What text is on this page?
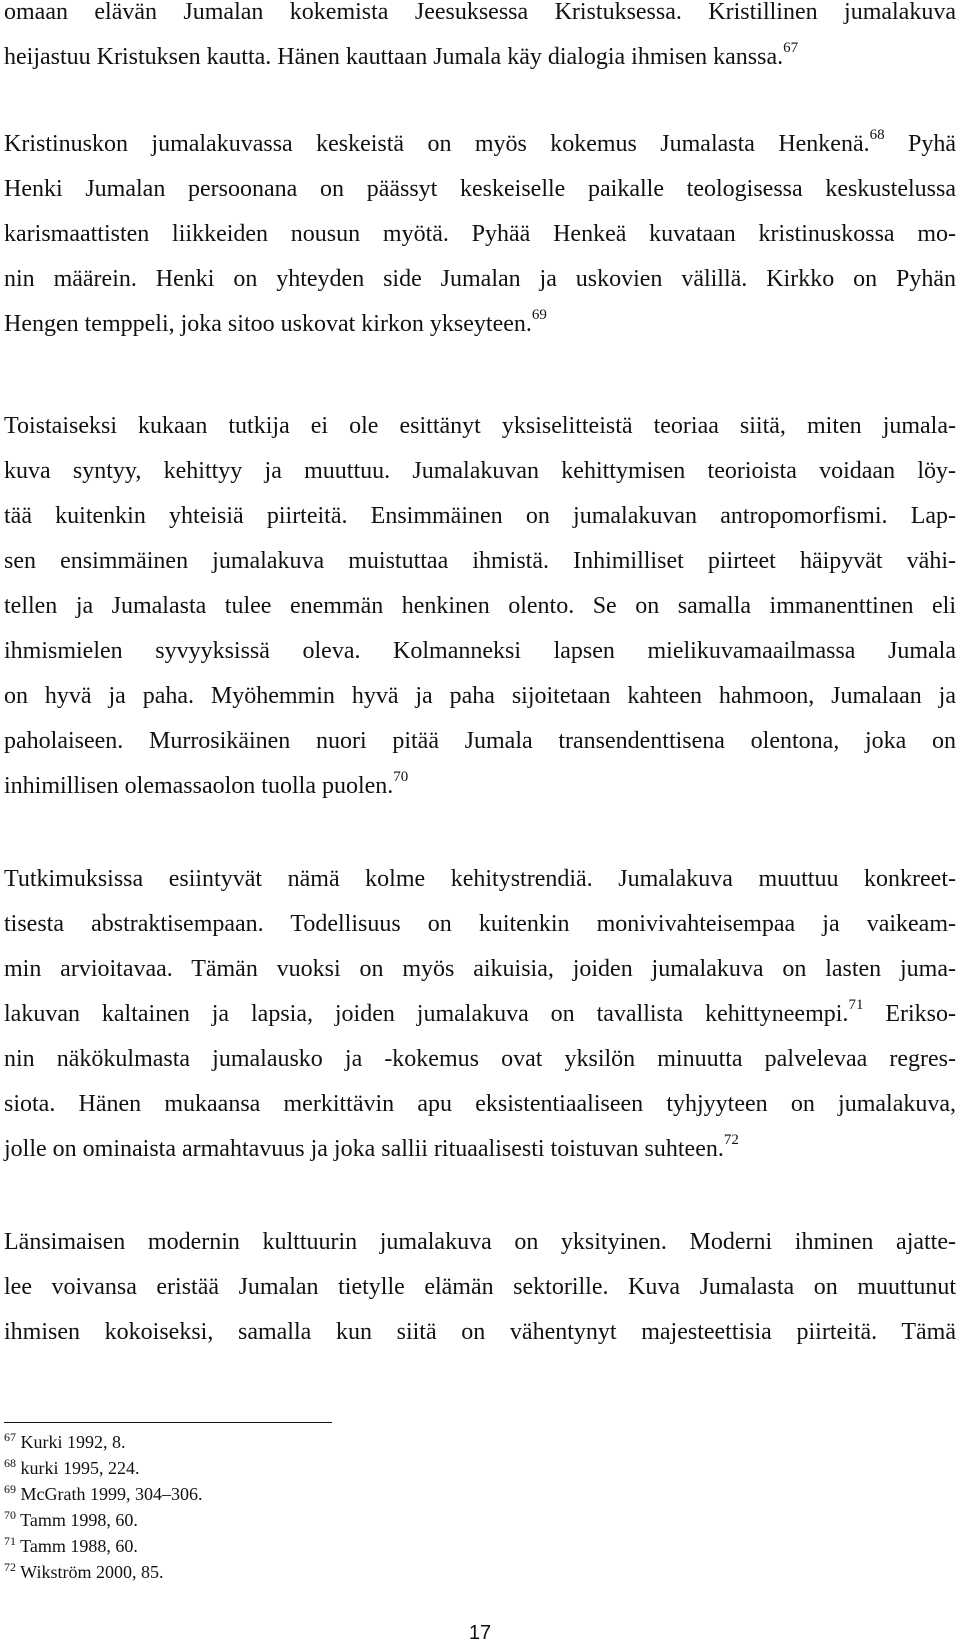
omaan elävän Jumalan kokemista Jeesuksessa Kristuksessa. Kristillinen jumalakuva
heijastuu Kristuksen kautta. Hänen kauttaan Jumala käy dialogia ihmisen kanssa.$^{67}$
Kristinuskon jumalakuvassa keskeistä on myös kokemus Jumalasta Henkenä.$^{68}$ Pyhä
Henki Jumalan persoonana on päässyt keskeiselle paikalle teologisessa keskustelussa
karismaattisten liikkeiden nousun myötä. Pyhää Henkeä kuvataan kristinuskossa mo-
nin määrein. Henki on yhteyden side Jumalan ja uskovien välillä. Kirkko on Pyhän
Hengen temppeli, joka sitoo uskovat kirkon ykseyteen.$^{69}$
Toistaiseksi kukaan tutkija ei ole esittänyt yksiselitteistä teoriaa siitä, miten jumala-
kuva syntyy, kehittyy ja muuttuu. Jumalakuvan kehittymisen teorioista voidaan löy-
tää kuitenkin yhteisiä piirteitä. Ensimmäinen on jumalakuvan antropomorfismi. Lap-
sen ensimmäinen jumalakuva muistuttaa ihmistä. Inhimilliset piirteet häipyvät vähi-
tellen ja Jumalasta tulee enemmän henkinen olento. Se on samalla immanenttinen eli
ihmismielen syvyyksissä oleva. Kolmanneksi lapsen mielikuvamaailmassa Jumala
on hyvä ja paha. Myöhemmin hyvä ja paha sijoitetaan kahteen hahmoon, Jumalaan ja
paholaiseen. Murrosikäinen nuori pitää Jumala transendenttisena olentona, joka on
inhimillisen olemassaolon tuolla puolen.$^{70}$
Tutkimuksissa esiintyvät nämä kolme kehitystrendiä. Jumalakuva muuttuu konkreet-
tisesta abstraktisempaan. Todellisuus on kuitenkin monivivahteisempaa ja vaikeam-
min arvioitavaa. Tämän vuoksi on myös aikuisia, joiden jumalakuva on lasten juma-
lakuvan kaltainen ja lapsia, joiden jumalakuva on tavallista kehittyneempi.$^{71}$ Erikso-
nin näkökulmasta jumalausko ja -kokemus ovat yksilön minuutta palvelevaa regres-
siota. Hänen mukaansa merkittävin apu eksistentiaaliseen tyhjyyteen on jumalakuva,
jolle on ominaista armahtavuus ja joka sallii rituaalisesti toistuvan suhteen.$^{72}$
Länsimaisen modernin kulttuurin jumalakuva on yksityinen. Moderni ihminen ajatte-
lee voivansa eristää Jumalan tietylle elämän sektorille. Kuva Jumalasta on muuttunut
ihmisen kokoiseksi, samalla kun siitä on vähentynyt majesteettisia piirteitä. Tämä
$^{67}$ Kurki 1992, 8.
$^{68}$ kurki 1995, 224.
$^{69}$ McGrath 1999, 304–306.
$^{70}$ Tamm 1998, 60.
$^{71}$ Tamm 1988, 60.
$^{72}$ Wikström 2000, 85.
17
